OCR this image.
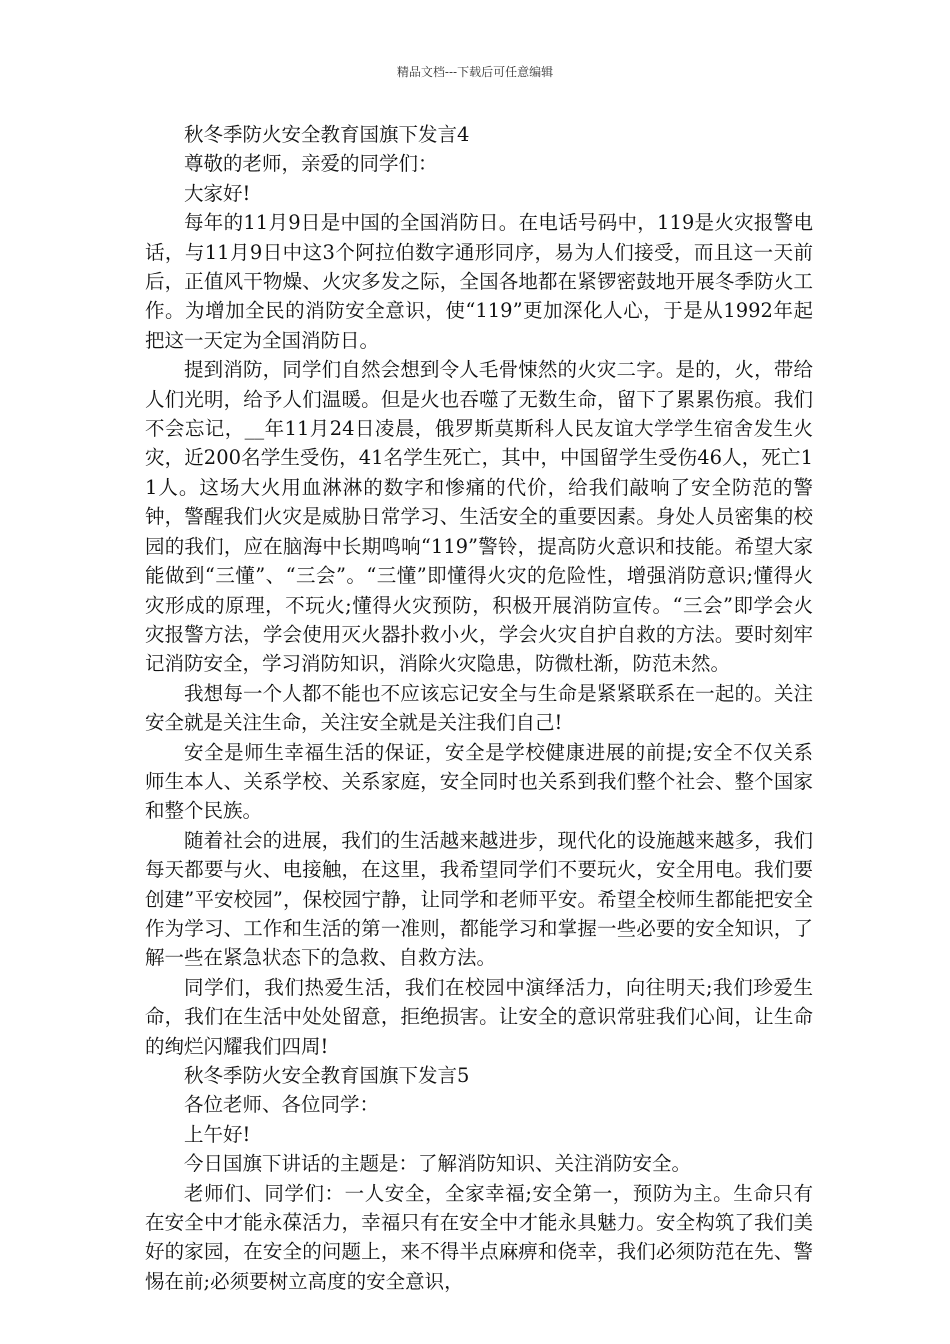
精品文档---下载后可任意编辑

秋冬季防火安全教育国旗下发言4

尊敬的老师，亲爱的同学们：

大家好!

每年的11月9日是中国的全国消防日。在电话号码中，119是火灾报警电话，与11月9日中这3个阿拉伯数字通形同序，易为人们接受，而且这一天前后，正值风干物燥、火灾多发之际，全国各地都在紧锣密鼓地开展冬季防火工作。为增加全民的消防安全意识，使“119”更加深化人心，于是从1992年起把这一天定为全国消防日。

提到消防，同学们自然会想到令人毛骨悚然的火灾二字。是的，火，带给人们光明，给予人们温暖。但是火也吞噬了无数生命，留下了累累伤痕。我们不会忘记，__年11月24日凌晨，俄罗斯莫斯科人民友谊大学学生宿舍发生火灾，近200名学生受伤，41名学生死亡，其中，中国留学生受伤46人，死亡11人。这场大火用血淋淋的数字和惨痛的代价，给我们敲响了安全防范的警钟，警醒我们火灾是威胁日常学习、生活安全的重要因素。身处人员密集的校园的我们，应在脑海中长期鸣响“119”警铃，提高防火意识和技能。希望大家能做到“三懂”、“三会”。“三懂”即懂得火灾的危险性，增强消防意识;懂得火灾形成的原理，不玩火;懂得火灾预防，积极开展消防宣传。“三会”即学会火灾报警方法，学会使用灭火器扑救小火，学会火灾自护自救的方法。要时刻牢记消防安全，学习消防知识，消除火灾隐患，防微杜渐，防范未然。

我想每一个人都不能也不应该忘记安全与生命是紧紧联系在一起的。关注安全就是关注生命，关注安全就是关注我们自己!

安全是师生幸福生活的保证，安全是学校健康进展的前提;安全不仅关系师生本人、关系学校、关系家庭，安全同时也关系到我们整个社会、整个国家和整个民族。

随着社会的进展，我们的生活越来越进步，现代化的设施越来越多，我们每天都要与火、电接触，在这里，我希望同学们不要玩火，安全用电。我们要创建”平安校园”，保校园宁静，让同学和老师平安。希望全校师生都能把安全作为学习、工作和生活的第一准则，都能学习和掌握一些必要的安全知识，了解一些在紧急状态下的急救、自救方法。

同学们，我们热爱生活，我们在校园中演绎活力，向往明天;我们珍爱生命，我们在生活中处处留意，拒绝损害。让安全的意识常驻我们心间，让生命的绚烂闪耀我们四周!

秋冬季防火安全教育国旗下发言5

各位老师、各位同学：

上午好!

今日国旗下讲话的主题是：了解消防知识、关注消防安全。

老师们、同学们：一人安全，全家幸福;安全第一，预防为主。生命只有在安全中才能永葆活力，幸福只有在安全中才能永具魅力。安全构筑了我们美好的家园，在安全的问题上，来不得半点麻痹和侥幸，我们必须防范在先、警惕在前;必须要树立高度的安全意识，
